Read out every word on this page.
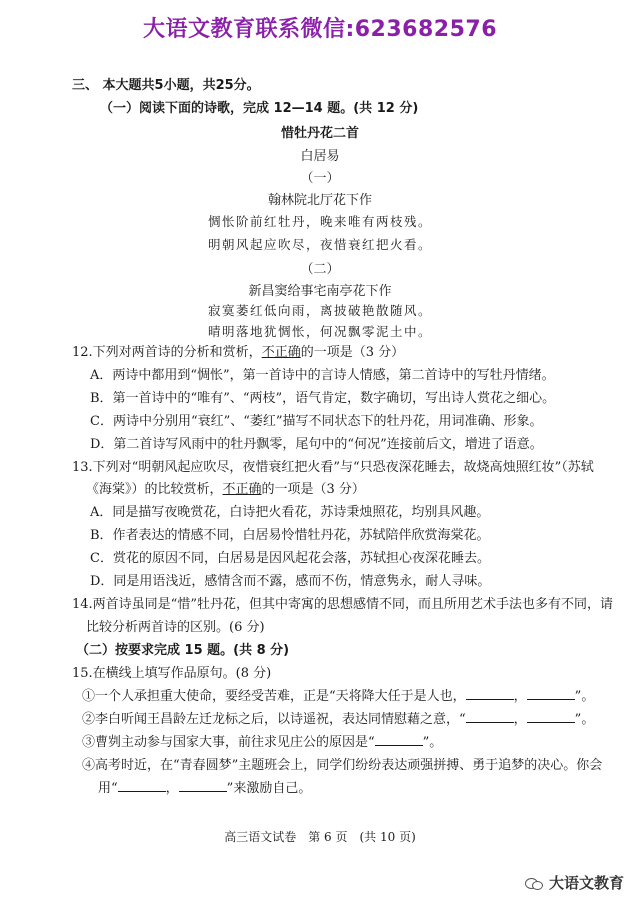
大语文教育联系微信:623682576
三、 本大题共5小题，共25分。
（一）阅读下面的诗歌，完成 12—14 题。(共 12 分)
惜牡丹花二首
白居易
（一）
翰林院北厅花下作
惆怅阶前红牡丹，晚来唯有两枝残。
明朝风起应吹尽，夜惜衰红把火看。
（二）
新昌窦给事宅南亭花下作
寂寞萎红低向雨，离披破艳散随风。
晴明落地犹惆怅，何况飘零泥土中。
12.下列对两首诗的分析和赏析，不正确的一项是（3 分）
A．两诗中都用到“惆怅”，第一首诗中的言诗人情感，第二首诗中的写牡丹情绪。
B．第一首诗中的“唯有”、“两枝”，语气肯定，数字确切，写出诗人赏花之细心。
C．两诗中分别用“衰红”、“萎红”描写不同状态下的牡丹花，用词准确、形象。
D．第二首诗写风雨中的牡丹飘零，尾句中的“何况”连接前后文，增进了语意。
13.下列对“明朝风起应吹尽，夜惜衰红把火看”与“只恐夜深花睡去，故烧高烛照红妆”（苏轼
《海棠》）的比较赏析，不正确的一项是（3 分）
A．同是描写夜晚赏花，白诗把火看花，苏诗秉烛照花，均别具风趣。
B．作者表达的情感不同，白居易怜惜牡丹花，苏轼陪伴欣赏海棠花。
C．赏花的原因不同，白居易是因风起花会落，苏轼担心夜深花睡去。
D．同是用语浅近，感情含而不露，感而不伤，情意隽永，耐人寻味。
14.两首诗虽同是“惜”牡丹花，但其中寄寓的思想感情不同，而且所用艺术手法也多有不同，请
比较分析两首诗的区别。(6 分)
（二）按要求完成 15 题。(共 8 分)
15.在横线上填写作品原句。(8 分)
①一个人承担重大使命，要经受苦难，正是“天将降大任于是人也，	，	”。
②李白听闻王昌龄左迁龙标之后，以诗遥祝，表达同情慰藉之意，“	，	”。
③曹刿主动参与国家大事，前往求见庄公的原因是“	”。
④高考时近，在“青春圆梦”主题班会上，同学们纷纷表达顽强拼搏、勇于追梦的决心。你会
用“	，	”来激励自己。
高三语文试卷　第 6 页　(共 10 页)
大语文教育
